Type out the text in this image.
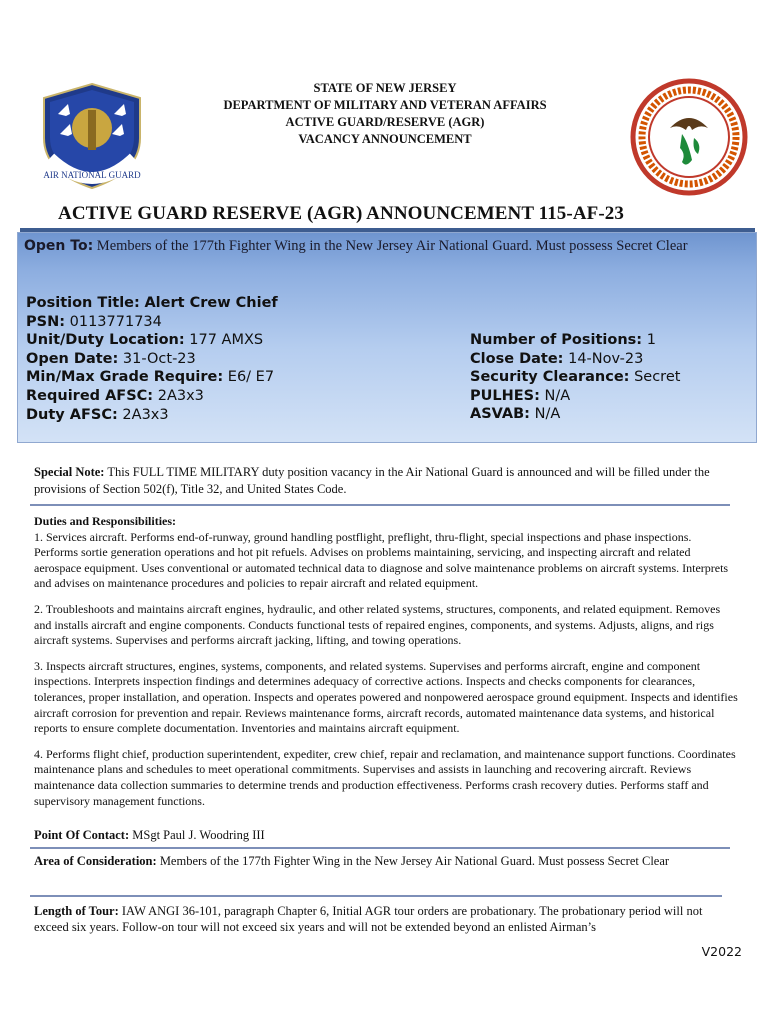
AIR NATIONAL GUARD
STATE OF NEW JERSEY
DEPARTMENT OF MILITARY AND VETERAN AFFAIRS
ACTIVE GUARD/RESERVE (AGR)
VACANCY ANNOUNCEMENT
ACTIVE GUARD RESERVE (AGR) ANNOUNCEMENT 115-AF-23
Open To: Members of the 177th Fighter Wing in the New Jersey Air National Guard. Must possess Secret Clear
Position Title: Alert Crew Chief
PSN: 0113771734
Unit/Duty Location: 177 AMXS
Open Date: 31-Oct-23
Min/Max Grade Require: E6/ E7
Required AFSC: 2A3x3
Duty AFSC: 2A3x3
Number of Positions: 1
Close Date: 14-Nov-23
Security Clearance: Secret
PULHES: N/A
ASVAB: N/A
Special Note: This FULL TIME MILITARY duty position vacancy in the Air National Guard is announced and will be filled under the provisions of Section 502(f), Title 32, and United States Code.
Duties and Responsibilities:
1. Services aircraft. Performs end-of-runway, ground handling postflight, preflight, thru-flight, special inspections and phase inspections. Performs sortie generation operations and hot pit refuels. Advises on problems maintaining, servicing, and inspecting aircraft and related aerospace equipment. Uses conventional or automated technical data to diagnose and solve maintenance problems on aircraft systems. Interprets and advises on maintenance procedures and policies to repair aircraft and related equipment.
2. Troubleshoots and maintains aircraft engines, hydraulic, and other related systems, structures, components, and related equipment. Removes and installs aircraft and engine components. Conducts functional tests of repaired engines, components, and systems. Adjusts, aligns, and rigs aircraft systems. Supervises and performs aircraft jacking, lifting, and towing operations.
3. Inspects aircraft structures, engines, systems, components, and related systems. Supervises and performs aircraft, engine and component inspections. Interprets inspection findings and determines adequacy of corrective actions. Inspects and checks components for clearances, tolerances, proper installation, and operation. Inspects and operates powered and nonpowered aerospace ground equipment. Inspects and identifies aircraft corrosion for prevention and repair. Reviews maintenance forms, aircraft records, automated maintenance data systems, and historical reports to ensure complete documentation. Inventories and maintains aircraft equipment.
4. Performs flight chief, production superintendent, expediter, crew chief, repair and reclamation, and maintenance support functions. Coordinates maintenance plans and schedules to meet operational commitments. Supervises and assists in launching and recovering aircraft. Reviews maintenance data collection summaries to determine trends and production effectiveness. Performs crash recovery duties. Performs staff and supervisory management functions.
Point Of Contact: MSgt Paul J. Woodring III
Area of Consideration: Members of the 177th Fighter Wing in the New Jersey Air National Guard. Must possess Secret Clear
Length of Tour: IAW ANGI 36-101, paragraph Chapter 6, Initial AGR tour orders are probationary. The probationary period will not exceed six years. Follow-on tour will not exceed six years and will not be extended beyond an enlisted Airman’s
V2022
